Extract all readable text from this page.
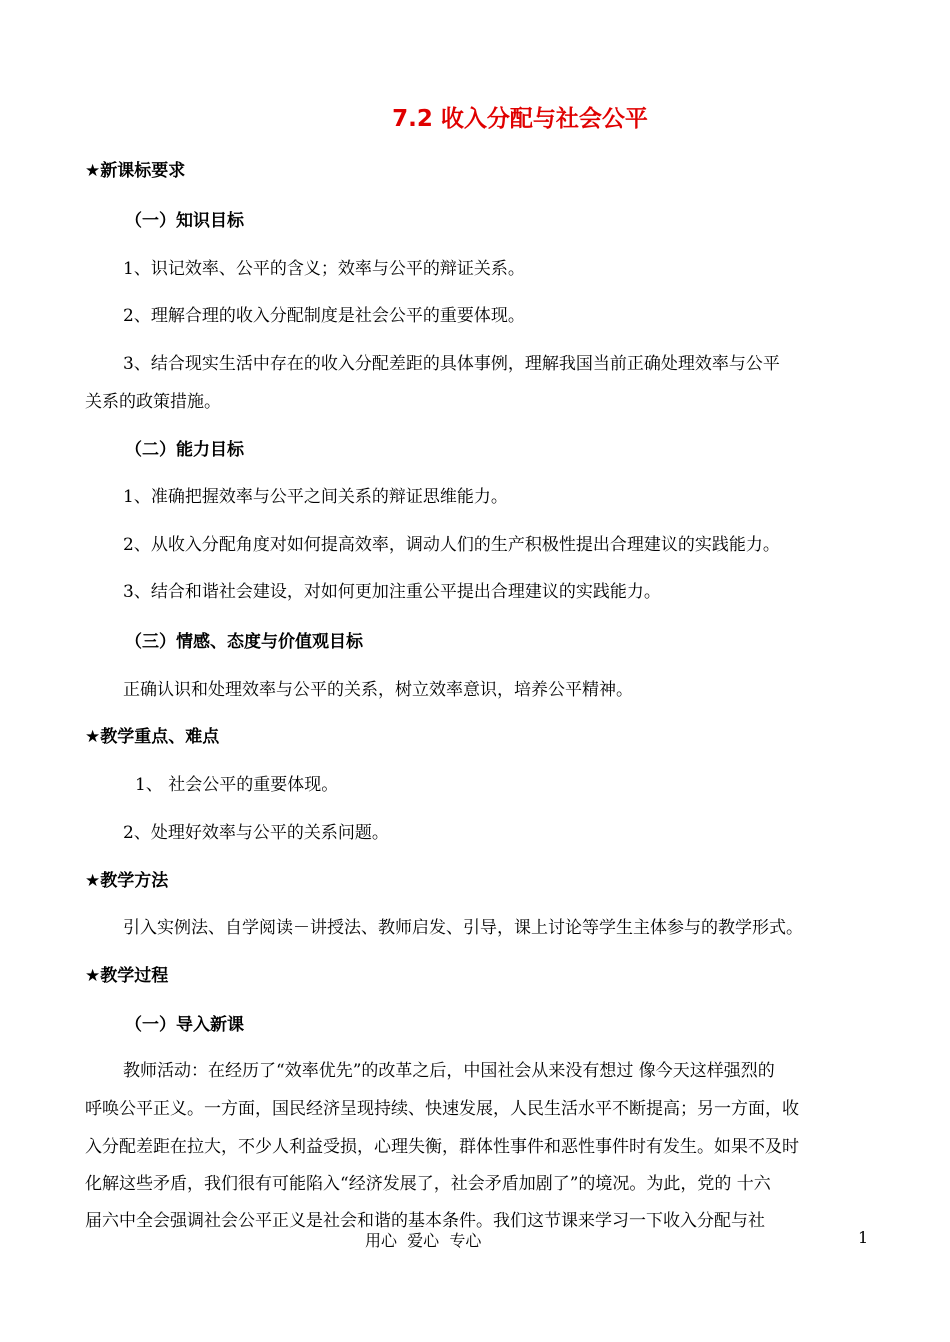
7.2 收入分配与社会公平
★新课标要求
（一）知识目标
1、识记效率、公平的含义；效率与公平的辩证关系。
2、理解合理的收入分配制度是社会公平的重要体现。
3、结合现实生活中存在的收入分配差距的具体事例，理解我国当前正确处理效率与公平
关系的政策措施。
（二）能力目标
1、准确把握效率与公平之间关系的辩证思维能力。
2、从收入分配角度对如何提高效率，调动人们的生产积极性提出合理建议的实践能力。
3、结合和谐社会建设，对如何更加注重公平提出合理建议的实践能力。
（三）情感、态度与价值观目标
正确认识和处理效率与公平的关系，树立效率意识，培养公平精神。
★教学重点、难点
1、 社会公平的重要体现。
2、处理好效率与公平的关系问题。
★教学方法
引入实例法、自学阅读－讲授法、教师启发、引导，课上讨论等学生主体参与的教学形式。
★教学过程
（一）导入新课
教师活动：在经历了“效率优先”的改革之后，中国社会从来没有想过 像今天这样强烈的
呼唤公平正义。一方面，国民经济呈现持续、快速发展，人民生活水平不断提高；另一方面，收
入分配差距在拉大，不少人利益受损，心理失衡，群体性事件和恶性事件时有发生。如果不及时
化解这些矛盾，我们很有可能陷入“经济发展了，社会矛盾加剧了”的境况。为此，党的 十六
届六中全会强调社会公平正义是社会和谐的基本条件。我们这节课来学习一下收入分配与社
用心  爱心  专心	1
